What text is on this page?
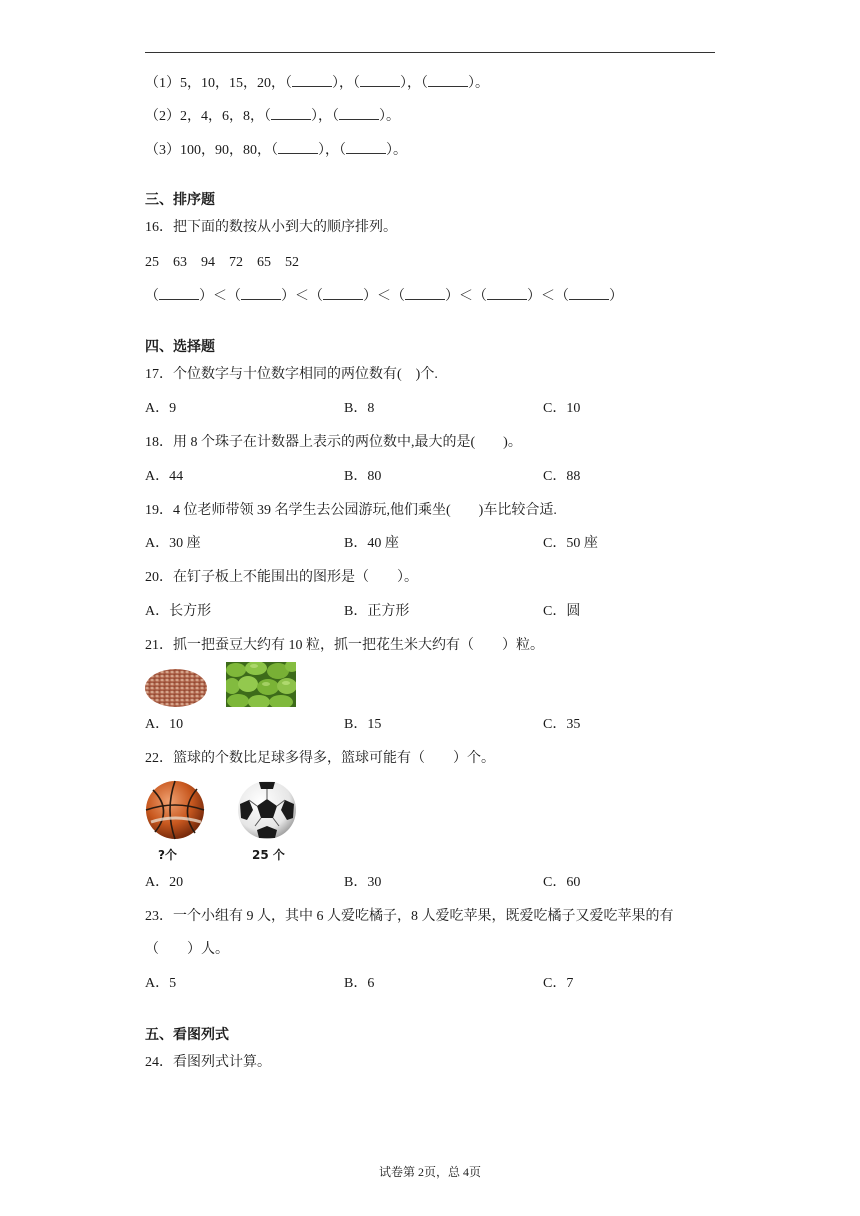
（1）5，10，15，20，（	），（	），（	）。
（2）2，4，6，8，（	），（	）。
（3）100，90，80，（	），（	）。
三、排序题
16．把下面的数按从小到大的顺序排列。
25　63　94　72　65　52
（	）＜（	）＜（	）＜（	）＜（	）＜（	）
四、选择题
17．个位数字与十位数字相同的两位数有(　)个.
A．9	B．8	C．10
18．用 8 个珠子在计数器上表示的两位数中,最大的是(　　)。
A．44	B．80	C．88
19．4 位老师带领 39 名学生去公园游玩,他们乘坐(　　)车比较合适.
A．30 座	B．40 座	C．50 座
20．在钉子板上不能围出的图形是（　　）。
A．长方形	B．正方形	C．圆
21．抓一把蚕豆大约有 10 粒，抓一把花生米大约有（　　）粒。
A．10	B．15	C．35
22．篮球的个数比足球多得多，篮球可能有（　　）个。
?个	25 个
A．20	B．30	C．60
23．一个小组有 9 人，其中 6 人爱吃橘子，8 人爱吃苹果，既爱吃橘子又爱吃苹果的有
（　　）人。
A．5	B．6	C．7
五、看图列式
24．看图列式计算。
试卷第 2页，总 4页
